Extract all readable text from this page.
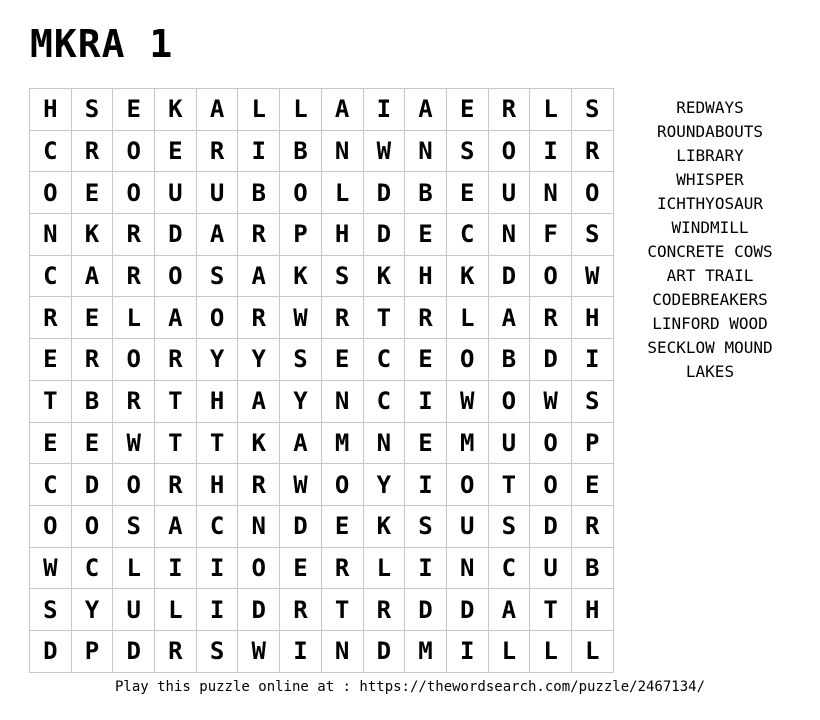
MKRA 1
H	S	E	K	A	L	L	A	I	A	E	R	L	S
C	R	O	E	R	I	B	N	W	N	S	O	I	R
O	E	O	U	U	B	O	L	D	B	E	U	N	O
N	K	R	D	A	R	P	H	D	E	C	N	F	S
C	A	R	O	S	A	K	S	K	H	K	D	O	W
R	E	L	A	O	R	W	R	T	R	L	A	R	H
E	R	O	R	Y	Y	S	E	C	E	O	B	D	I
T	B	R	T	H	A	Y	N	C	I	W	O	W	S
E	E	W	T	T	K	A	M	N	E	M	U	O	P
C	D	O	R	H	R	W	O	Y	I	O	T	O	E
O	O	S	A	C	N	D	E	K	S	U	S	D	R
W	C	L	I	I	O	E	R	L	I	N	C	U	B
S	Y	U	L	I	D	R	T	R	D	D	A	T	H
D	P	D	R	S	W	I	N	D	M	I	L	L	L
REDWAYS
ROUNDABOUTS
LIBRARY
WHISPER
ICHTHYOSAUR
WINDMILL
CONCRETE COWS
ART TRAIL
CODEBREAKERS
LINFORD WOOD
SECKLOW MOUND
LAKES
Play this puzzle online at : https://thewordsearch.com/puzzle/2467134/
